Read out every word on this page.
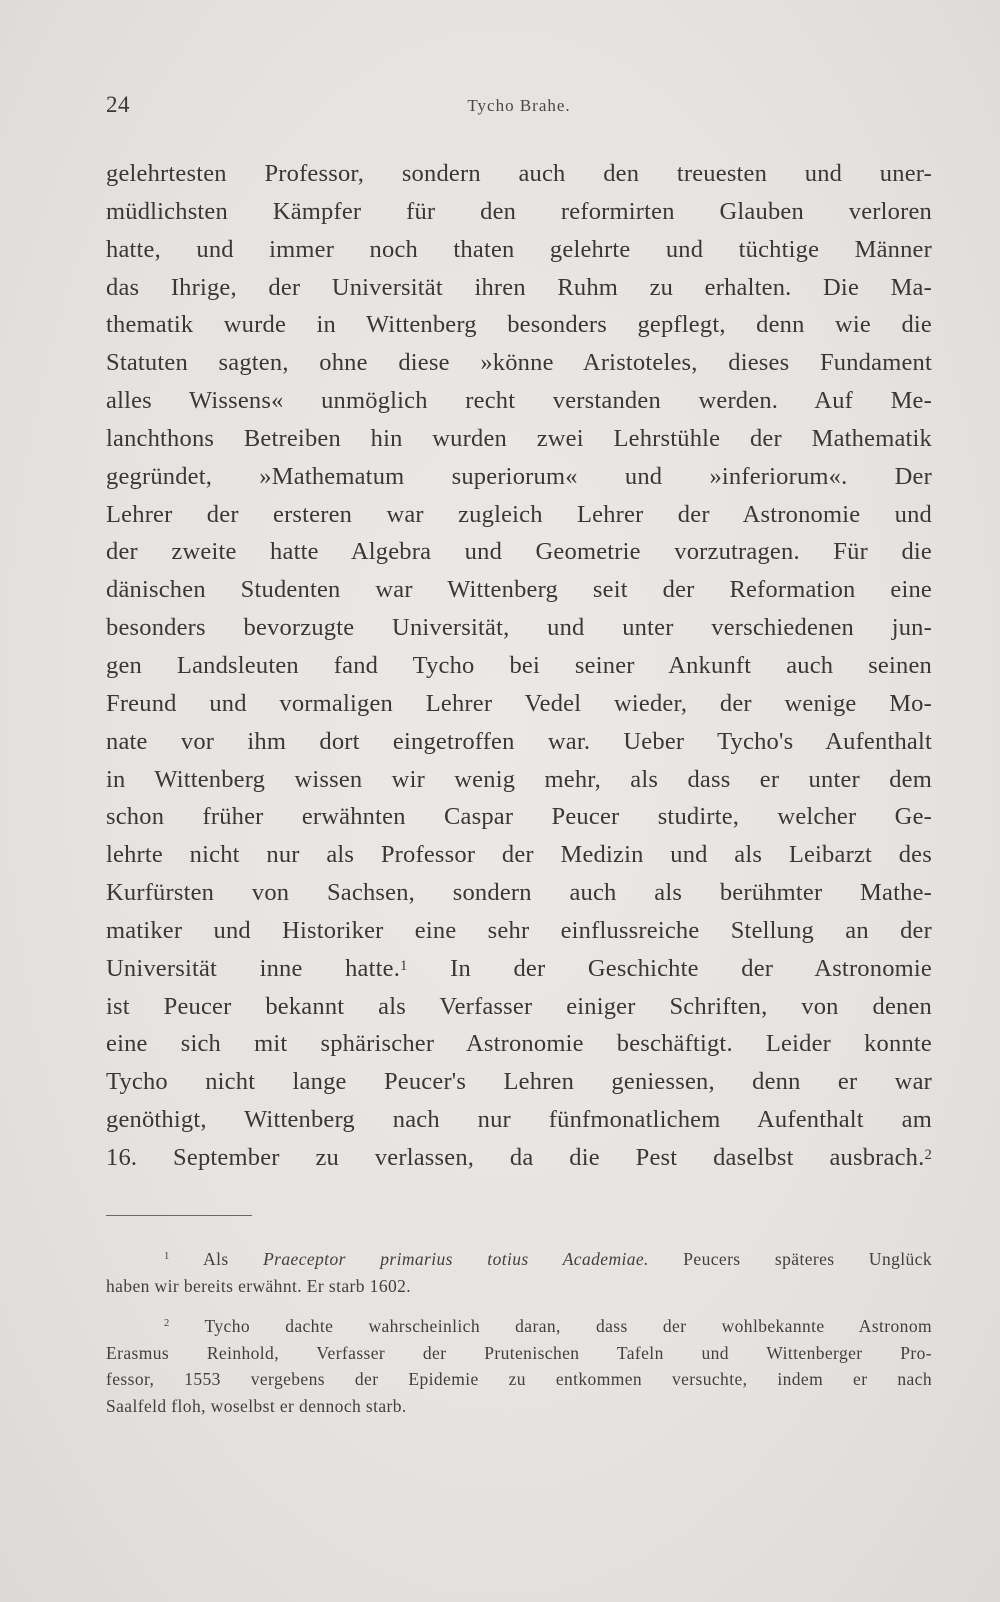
24	Tycho Brahe.
gelehrtesten Professor, sondern auch den treuesten und uner-
müdlichsten Kämpfer für den reformirten Glauben verloren
hatte, und immer noch thaten gelehrte und tüchtige Männer
das Ihrige, der Universität ihren Ruhm zu erhalten. Die Ma-
thematik wurde in Wittenberg besonders gepflegt, denn wie die
Statuten sagten, ohne diese »könne Aristoteles, dieses Fundament
alles Wissens« unmöglich recht verstanden werden. Auf Me-
lanchthons Betreiben hin wurden zwei Lehrstühle der Mathematik
gegründet, »Mathematum superiorum« und »inferiorum«. Der
Lehrer der ersteren war zugleich Lehrer der Astronomie und
der zweite hatte Algebra und Geometrie vorzutragen. Für die
dänischen Studenten war Wittenberg seit der Reformation eine
besonders bevorzugte Universität, und unter verschiedenen jun-
gen Landsleuten fand Tycho bei seiner Ankunft auch seinen
Freund und vormaligen Lehrer Vedel wieder, der wenige Mo-
nate vor ihm dort eingetroffen war. Ueber Tycho's Aufenthalt
in Wittenberg wissen wir wenig mehr, als dass er unter dem
schon früher erwähnten Caspar Peucer studirte, welcher Ge-
lehrte nicht nur als Professor der Medizin und als Leibarzt des
Kurfürsten von Sachsen, sondern auch als berühmter Mathe-
matiker und Historiker eine sehr einflussreiche Stellung an der
Universität inne hatte.$^1$ In der Geschichte der Astronomie
ist Peucer bekannt als Verfasser einiger Schriften, von denen
eine sich mit sphärischer Astronomie beschäftigt. Leider konnte
Tycho nicht lange Peucer's Lehren geniessen, denn er war
genöthigt, Wittenberg nach nur fünfmonatlichem Aufenthalt am
16. September zu verlassen, da die Pest daselbst ausbrach.$^2$
$^1$ Als Praeceptor primarius totius Academiae. Peucers späteres Unglück
haben wir bereits erwähnt. Er starb 1602.
$^2$ Tycho dachte wahrscheinlich daran, dass der wohlbekannte Astronom
Erasmus Reinhold, Verfasser der Prutenischen Tafeln und Wittenberger Pro-
fessor, 1553 vergebens der Epidemie zu entkommen versuchte, indem er nach
Saalfeld floh, woselbst er dennoch starb.
